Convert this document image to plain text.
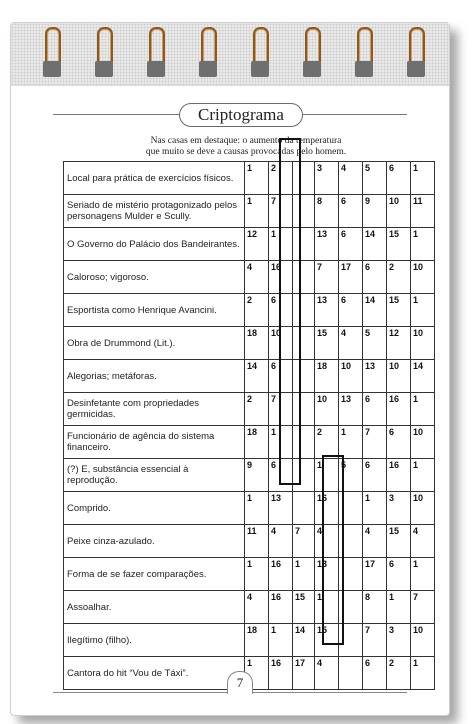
Criptograma
Nas casas em destaque: o aumento da temperatura
que muito se deve a causas provocadas pelo homem.
Local para prática de exercícios físicos.	1	2		3	4	5	6	1
Seriado de mistério protagonizado pelos personagens Mulder e Scully.	1	7		8	6	9	10	11
O Governo do Palácio dos Bandeirantes.	12	1		13	6	14	15	1
Caloroso; vigoroso.	4	16		7	17	6	2	10
Esportista como Henrique Avancini.	2	6		13	6	14	15	1
Obra de Drummond (Lit.).	18	10		15	4	5	12	10
Alegorias; metáforas.	14	6		18	10	13	10	14
Desinfetante com propriedades germicidas.	2	7		10	13	6	16	1
Funcionário de agência do sistema financeiro.	18	1		2	1	7	6	10
(?) E, substância essencial à reprodução.	9	6		1	5	6	16	1
Comprido.	1	13		16		1	3	10
Peixe cinza-azulado.	11	4	7	4		4	15	4
Forma de se fazer comparações.	1	16	1	13		17	6	1
Assoalhar.	4	16	15	1		8	1	7
Ilegítimo (filho).	18	1	14	15		7	3	10
Cantora do hit “Vou de Táxi”.	1	16	17	4		6	2	1
7
